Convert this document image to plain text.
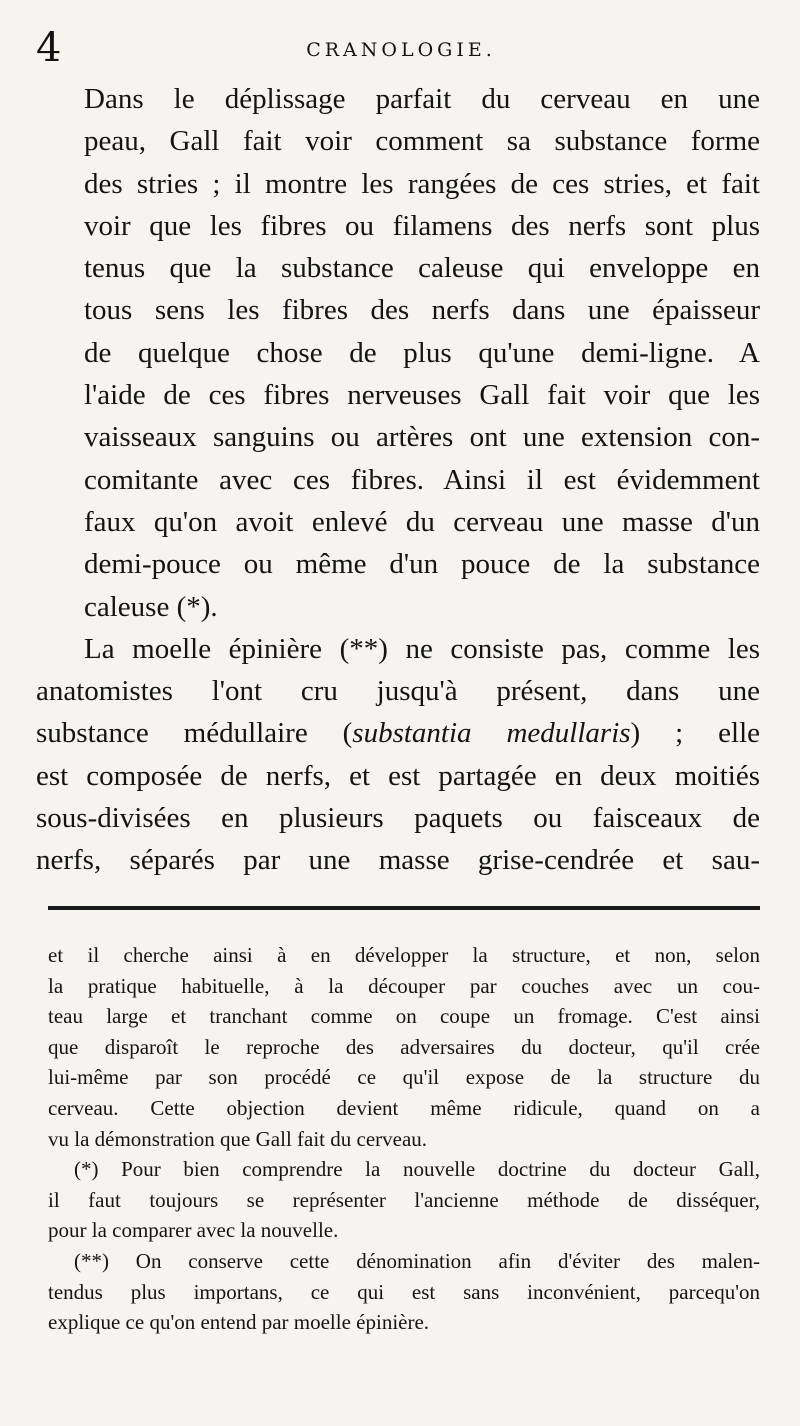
4	CRANOLOGIE.

Dans le déplissage parfait du cerveau en une
peau, Gall fait voir comment sa substance forme
des stries ; il montre les rangées de ces stries, et fait
voir que les fibres ou filamens des nerfs sont plus
tenus que la substance caleuse qui enveloppe en
tous sens les fibres des nerfs dans une épaisseur
de quelque chose de plus qu'une demi-ligne. A
l'aide de ces fibres nerveuses Gall fait voir que les
vaisseaux sanguins ou artères ont une extension con-
comitante avec ces fibres. Ainsi il est évidemment
faux qu'on avoit enlevé du cerveau une masse d'un
demi-pouce ou même d'un pouce de la substance
caleuse (*).

La moelle épinière (**) ne consiste pas, comme les
anatomistes l'ont cru jusqu'à présent, dans une
substance médullaire (substantia medullaris) ; elle
est composée de nerfs, et est partagée en deux moitiés
sous-divisées en plusieurs paquets ou faisceaux de
nerfs, séparés par une masse grise-cendrée et sau-

et il cherche ainsi à en développer la structure, et non, selon
la pratique habituelle, à la découper par couches avec un cou-
teau large et tranchant comme on coupe un fromage. C'est ainsi
que disparoît le reproche des adversaires du docteur, qu'il crée
lui-même par son procédé ce qu'il expose de la structure du
cerveau. Cette objection devient même ridicule, quand on a
vu la démonstration que Gall fait du cerveau.

(*) Pour bien comprendre la nouvelle doctrine du docteur Gall,
il faut toujours se représenter l'ancienne méthode de disséquer,
pour la comparer avec la nouvelle.

(**) On conserve cette dénomination afin d'éviter des malen-
tendus plus importans, ce qui est sans inconvénient, parcequ'on
explique ce qu'on entend par moelle épinière.
